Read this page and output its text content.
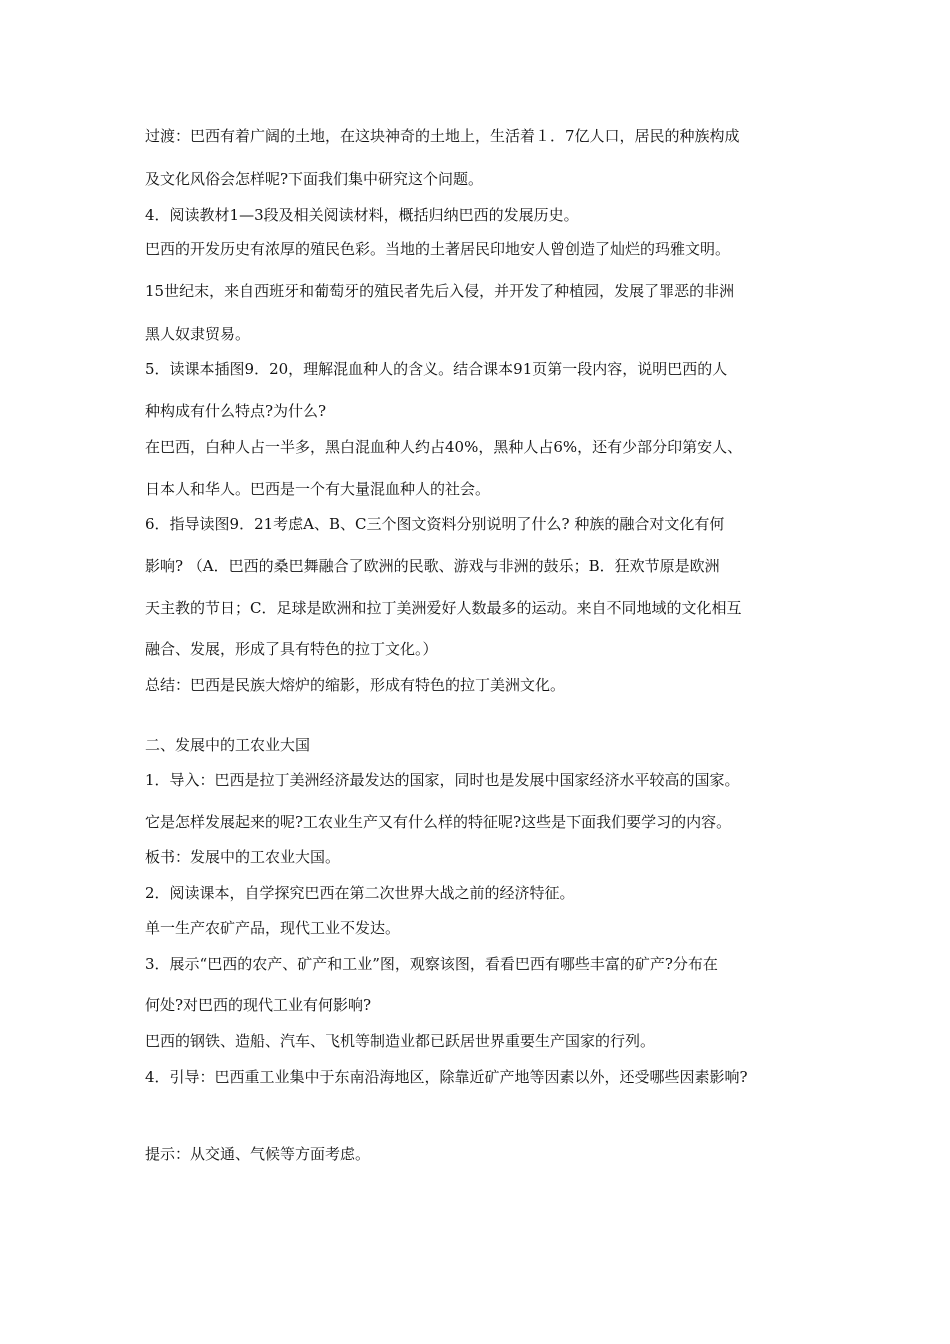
过渡：巴西有着广阔的土地，在这块神奇的土地上，生活着１．7亿人口，居民的种族构成
及文化风俗会怎样呢?下面我们集中研究这个问题。
4．阅读教材1—3段及相关阅读材料，概括归纳巴西的发展历史。
巴西的开发历史有浓厚的殖民色彩。当地的土著居民印地安人曾创造了灿烂的玛雅文明。
15世纪末，来自西班牙和葡萄牙的殖民者先后入侵，并开发了种植园，发展了罪恶的非洲
黑人奴隶贸易。
5．读课本插图9．20，理解混血种人的含义。结合课本91页第一段内容，说明巴西的人
种构成有什么特点?为什么?
在巴西，白种人占一半多，黑白混血种人约占40%，黑种人占6%，还有少部分印第安人、
日本人和华人。巴西是一个有大量混血种人的社会。
6．指导读图9．21考虑A、B、C三个图文资料分别说明了什么? 种族的融合对文化有何
影响? （A．巴西的桑巴舞融合了欧洲的民歌、游戏与非洲的鼓乐；B．狂欢节原是欧洲
天主教的节日；C．足球是欧洲和拉丁美洲爱好人数最多的运动。来自不同地域的文化相互
融合、发展，形成了具有特色的拉丁文化。）
总结：巴西是民族大熔炉的缩影，形成有特色的拉丁美洲文化。
二、发展中的工农业大国
1．导入：巴西是拉丁美洲经济最发达的国家，同时也是发展中国家经济水平较高的国家。
它是怎样发展起来的呢?工农业生产又有什么样的特征呢?这些是下面我们要学习的内容。
板书：发展中的工农业大国。
2．阅读课本，自学探究巴西在第二次世界大战之前的经济特征。
单一生产农矿产品，现代工业不发达。
3．展示“巴西的农产、矿产和工业”图，观察该图，看看巴西有哪些丰富的矿产?分布在
何处?对巴西的现代工业有何影响?
巴西的钢铁、造船、汽车、飞机等制造业都已跃居世界重要生产国家的行列。
4．引导：巴西重工业集中于东南沿海地区，除靠近矿产地等因素以外，还受哪些因素影响?
提示：从交通、气候等方面考虑。
